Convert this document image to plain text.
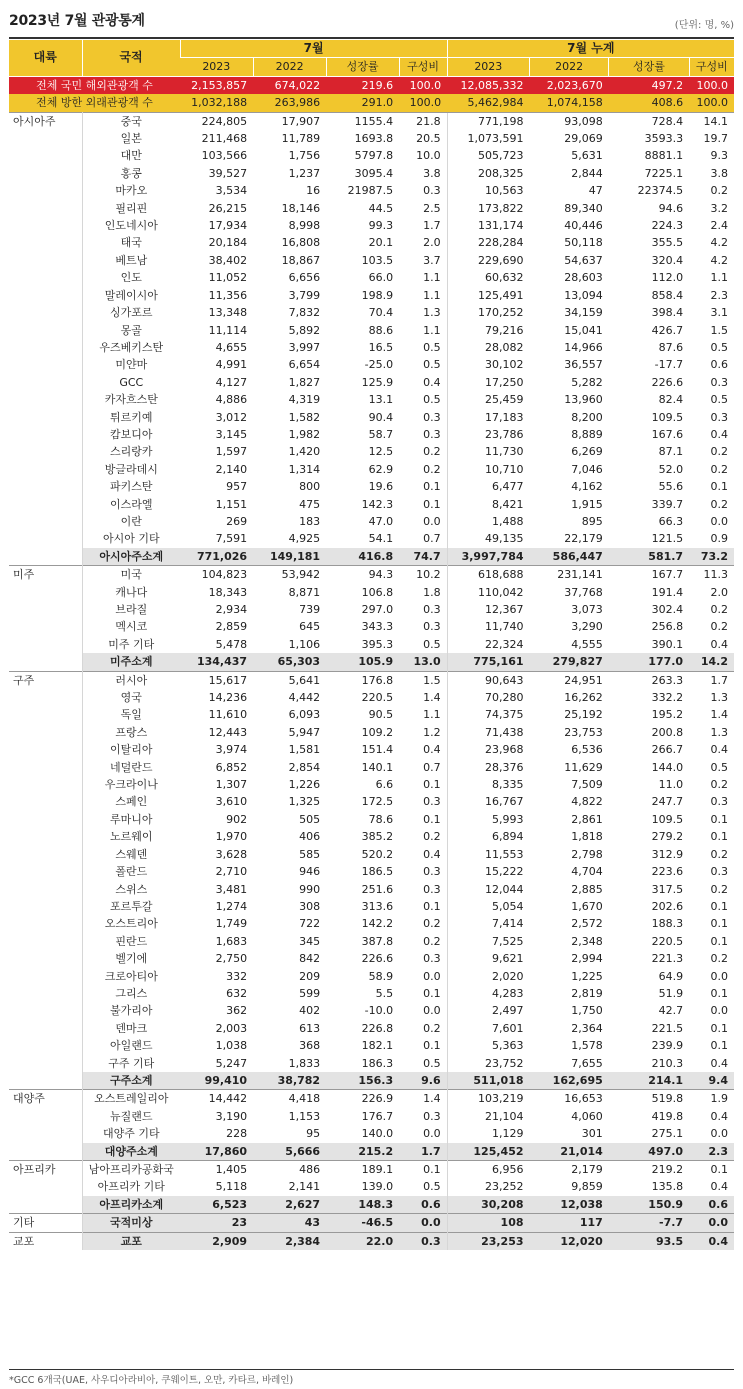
2023년 7월 관광통계	(단위: 명, %)
대륙	국적	7월				7월 누계			
		2023	2022	성장률	구성비	2023	2022	성장률	구성비
전체 국민 해외관광객 수		2,153,857	674,022	219.6	100.0	12,085,332	2,023,670	497.2	100.0
전체 방한 외래관광객 수		1,032,188	263,986	291.0	100.0	5,462,984	1,074,158	408.6	100.0
아시아주	중국	224,805	17,907	1155.4	21.8	771,198	93,098	728.4	14.1
	일본	211,468	11,789	1693.8	20.5	1,073,591	29,069	3593.3	19.7
	대만	103,566	1,756	5797.8	10.0	505,723	5,631	8881.1	9.3
	홍콩	39,527	1,237	3095.4	3.8	208,325	2,844	7225.1	3.8
	마카오	3,534	16	21987.5	0.3	10,563	47	22374.5	0.2
	필리핀	26,215	18,146	44.5	2.5	173,822	89,340	94.6	3.2
	인도네시아	17,934	8,998	99.3	1.7	131,174	40,446	224.3	2.4
	태국	20,184	16,808	20.1	2.0	228,284	50,118	355.5	4.2
	베트남	38,402	18,867	103.5	3.7	229,690	54,637	320.4	4.2
	인도	11,052	6,656	66.0	1.1	60,632	28,603	112.0	1.1
	말레이시아	11,356	3,799	198.9	1.1	125,491	13,094	858.4	2.3
	싱가포르	13,348	7,832	70.4	1.3	170,252	34,159	398.4	3.1
	몽골	11,114	5,892	88.6	1.1	79,216	15,041	426.7	1.5
	우즈베키스탄	4,655	3,997	16.5	0.5	28,082	14,966	87.6	0.5
	미얀마	4,991	6,654	-25.0	0.5	30,102	36,557	-17.7	0.6
	GCC	4,127	1,827	125.9	0.4	17,250	5,282	226.6	0.3
	카자흐스탄	4,886	4,319	13.1	0.5	25,459	13,960	82.4	0.5
	튀르키예	3,012	1,582	90.4	0.3	17,183	8,200	109.5	0.3
	캄보디아	3,145	1,982	58.7	0.3	23,786	8,889	167.6	0.4
	스리랑카	1,597	1,420	12.5	0.2	11,730	6,269	87.1	0.2
	방글라데시	2,140	1,314	62.9	0.2	10,710	7,046	52.0	0.2
	파키스탄	957	800	19.6	0.1	6,477	4,162	55.6	0.1
	이스라엘	1,151	475	142.3	0.1	8,421	1,915	339.7	0.2
	이란	269	183	47.0	0.0	1,488	895	66.3	0.0
	아시아 기타	7,591	4,925	54.1	0.7	49,135	22,179	121.5	0.9
	아시아주소계	771,026	149,181	416.8	74.7	3,997,784	586,447	581.7	73.2
미주	미국	104,823	53,942	94.3	10.2	618,688	231,141	167.7	11.3
	캐나다	18,343	8,871	106.8	1.8	110,042	37,768	191.4	2.0
	브라질	2,934	739	297.0	0.3	12,367	3,073	302.4	0.2
	멕시코	2,859	645	343.3	0.3	11,740	3,290	256.8	0.2
	미주 기타	5,478	1,106	395.3	0.5	22,324	4,555	390.1	0.4
	미주소계	134,437	65,303	105.9	13.0	775,161	279,827	177.0	14.2
구주	러시아	15,617	5,641	176.8	1.5	90,643	24,951	263.3	1.7
	영국	14,236	4,442	220.5	1.4	70,280	16,262	332.2	1.3
	독일	11,610	6,093	90.5	1.1	74,375	25,192	195.2	1.4
	프랑스	12,443	5,947	109.2	1.2	71,438	23,753	200.8	1.3
	이탈리아	3,974	1,581	151.4	0.4	23,968	6,536	266.7	0.4
	네덜란드	6,852	2,854	140.1	0.7	28,376	11,629	144.0	0.5
	우크라이나	1,307	1,226	6.6	0.1	8,335	7,509	11.0	0.2
	스페인	3,610	1,325	172.5	0.3	16,767	4,822	247.7	0.3
	루마니아	902	505	78.6	0.1	5,993	2,861	109.5	0.1
	노르웨이	1,970	406	385.2	0.2	6,894	1,818	279.2	0.1
	스웨덴	3,628	585	520.2	0.4	11,553	2,798	312.9	0.2
	폴란드	2,710	946	186.5	0.3	15,222	4,704	223.6	0.3
	스위스	3,481	990	251.6	0.3	12,044	2,885	317.5	0.2
	포르투갈	1,274	308	313.6	0.1	5,054	1,670	202.6	0.1
	오스트리아	1,749	722	142.2	0.2	7,414	2,572	188.3	0.1
	핀란드	1,683	345	387.8	0.2	7,525	2,348	220.5	0.1
	벨기에	2,750	842	226.6	0.3	9,621	2,994	221.3	0.2
	크로아티아	332	209	58.9	0.0	2,020	1,225	64.9	0.0
	그리스	632	599	5.5	0.1	4,283	2,819	51.9	0.1
	불가리아	362	402	-10.0	0.0	2,497	1,750	42.7	0.0
	덴마크	2,003	613	226.8	0.2	7,601	2,364	221.5	0.1
	아일랜드	1,038	368	182.1	0.1	5,363	1,578	239.9	0.1
	구주 기타	5,247	1,833	186.3	0.5	23,752	7,655	210.3	0.4
	구주소계	99,410	38,782	156.3	9.6	511,018	162,695	214.1	9.4
대양주	오스트레일리아	14,442	4,418	226.9	1.4	103,219	16,653	519.8	1.9
	뉴질랜드	3,190	1,153	176.7	0.3	21,104	4,060	419.8	0.4
	대양주 기타	228	95	140.0	0.0	1,129	301	275.1	0.0
	대양주소계	17,860	5,666	215.2	1.7	125,452	21,014	497.0	2.3
아프리카	남아프리카공화국	1,405	486	189.1	0.1	6,956	2,179	219.2	0.1
	아프리카 기타	5,118	2,141	139.0	0.5	23,252	9,859	135.8	0.4
	아프리카소계	6,523	2,627	148.3	0.6	30,208	12,038	150.9	0.6
기타	국적미상	23	43	-46.5	0.0	108	117	-7.7	0.0
교포	교포	2,909	2,384	22.0	0.3	23,253	12,020	93.5	0.4
*GCC 6개국(UAE, 사우디아라비아, 쿠웨이트, 오만, 카타르, 바레인)
